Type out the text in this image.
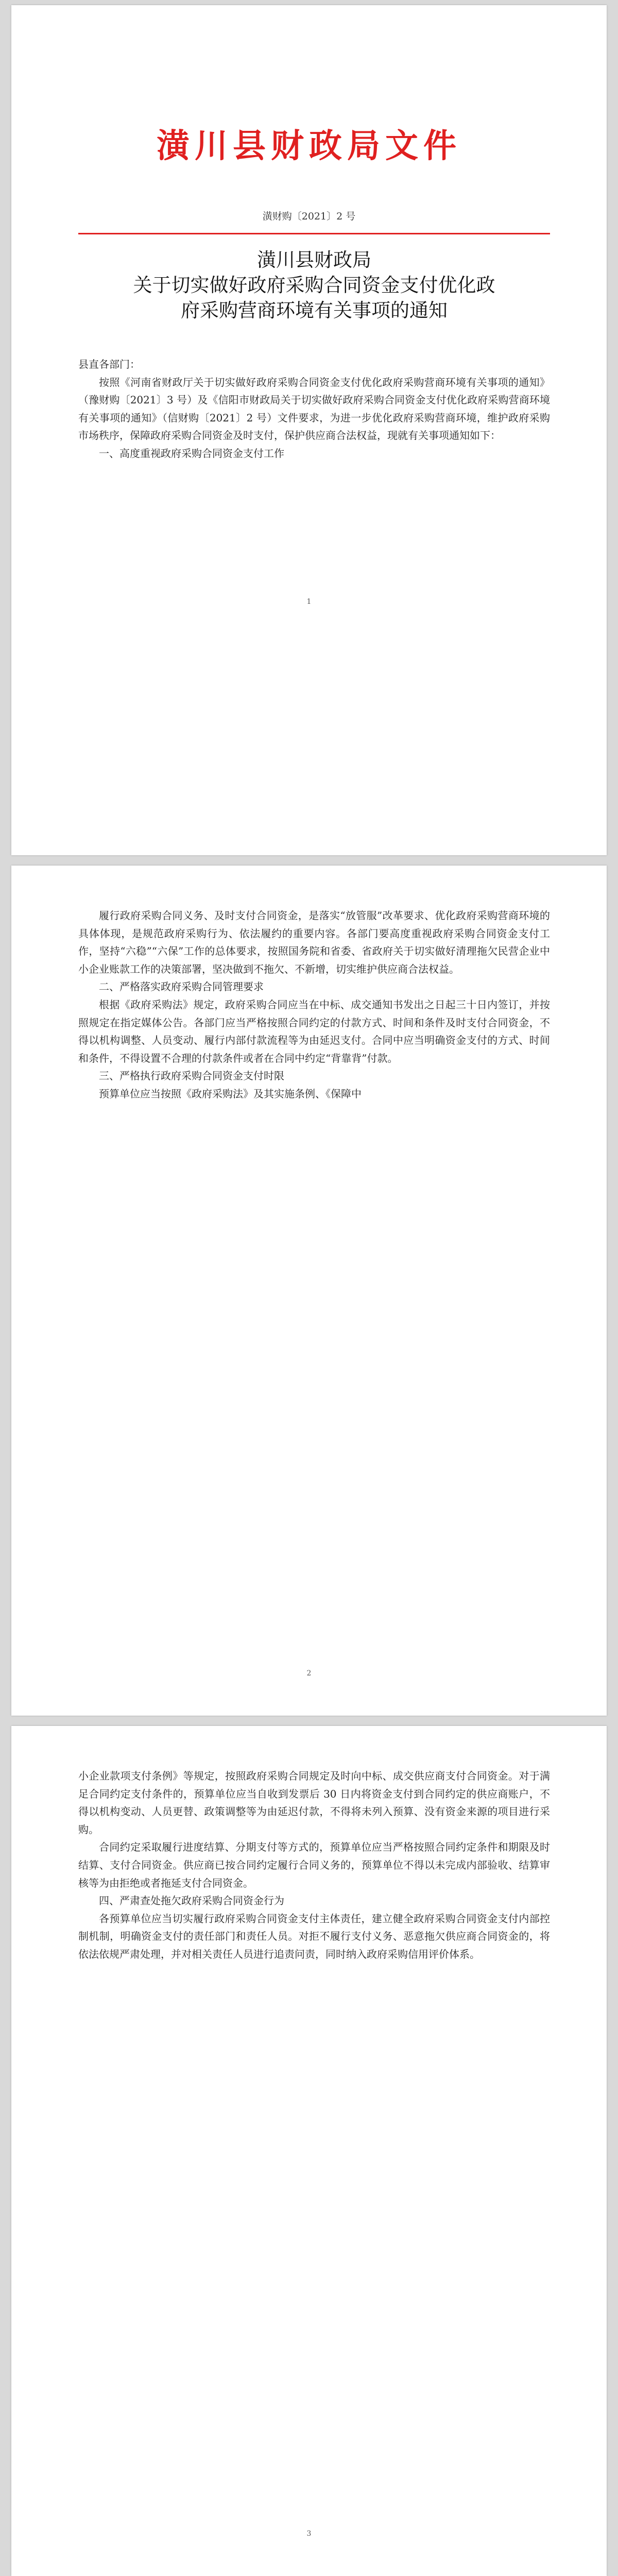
潢川县财政局文件
潢财购〔2021〕2 号
潢川县财政局
关于切实做好政府采购合同资金支付优化政
府采购营商环境有关事项的通知

县直各部门：

按照《河南省财政厅关于切实做好政府采购合同资金支付优化政府采购营商环境有关事项的通知》（豫财购〔2021〕3 号）及《信阳市财政局关于切实做好政府采购合同资金支付优化政府采购营商环境有关事项的通知》（信财购〔2021〕2 号）文件要求，为进一步优化政府采购营商环境，维护政府采购市场秩序，保障政府采购合同资金及时支付，保护供应商合法权益，现就有关事项通知如下：

一、高度重视政府采购合同资金支付工作

1

履行政府采购合同义务、及时支付合同资金，是落实“放管服”改革要求、优化政府采购营商环境的具体体现，是规范政府采购行为、依法履约的重要内容。各部门要高度重视政府采购合同资金支付工作，坚持“六稳”“六保”工作的总体要求，按照国务院和省委、省政府关于切实做好清理拖欠民营企业中小企业账款工作的决策部署，坚决做到不拖欠、不新增，切实维护供应商合法权益。

二、严格落实政府采购合同管理要求

根据《政府采购法》规定，政府采购合同应当在中标、成交通知书发出之日起三十日内签订，并按照规定在指定媒体公告。各部门应当严格按照合同约定的付款方式、时间和条件及时支付合同资金，不得以机构调整、人员变动、履行内部付款流程等为由延迟支付。合同中应当明确资金支付的方式、时间和条件，不得设置不合理的付款条件或者在合同中约定“背靠背”付款。

三、严格执行政府采购合同资金支付时限

预算单位应当按照《政府采购法》及其实施条例、《保障中

2

小企业款项支付条例》等规定，按照政府采购合同规定及时向中标、成交供应商支付合同资金。对于满足合同约定支付条件的，预算单位应当自收到发票后 30 日内将资金支付到合同约定的供应商账户，不得以机构变动、人员更替、政策调整等为由延迟付款，不得将未列入预算、没有资金来源的项目进行采购。

合同约定采取履行进度结算、分期支付等方式的，预算单位应当严格按照合同约定条件和期限及时结算、支付合同资金。供应商已按合同约定履行合同义务的，预算单位不得以未完成内部验收、结算审核等为由拒绝或者拖延支付合同资金。

四、严肃查处拖欠政府采购合同资金行为

各预算单位应当切实履行政府采购合同资金支付主体责任，建立健全政府采购合同资金支付内部控制机制，明确资金支付的责任部门和责任人员。对拒不履行支付义务、恶意拖欠供应商合同资金的，将依法依规严肃处理，并对相关责任人员进行追责问责，同时纳入政府采购信用评价体系。

3
